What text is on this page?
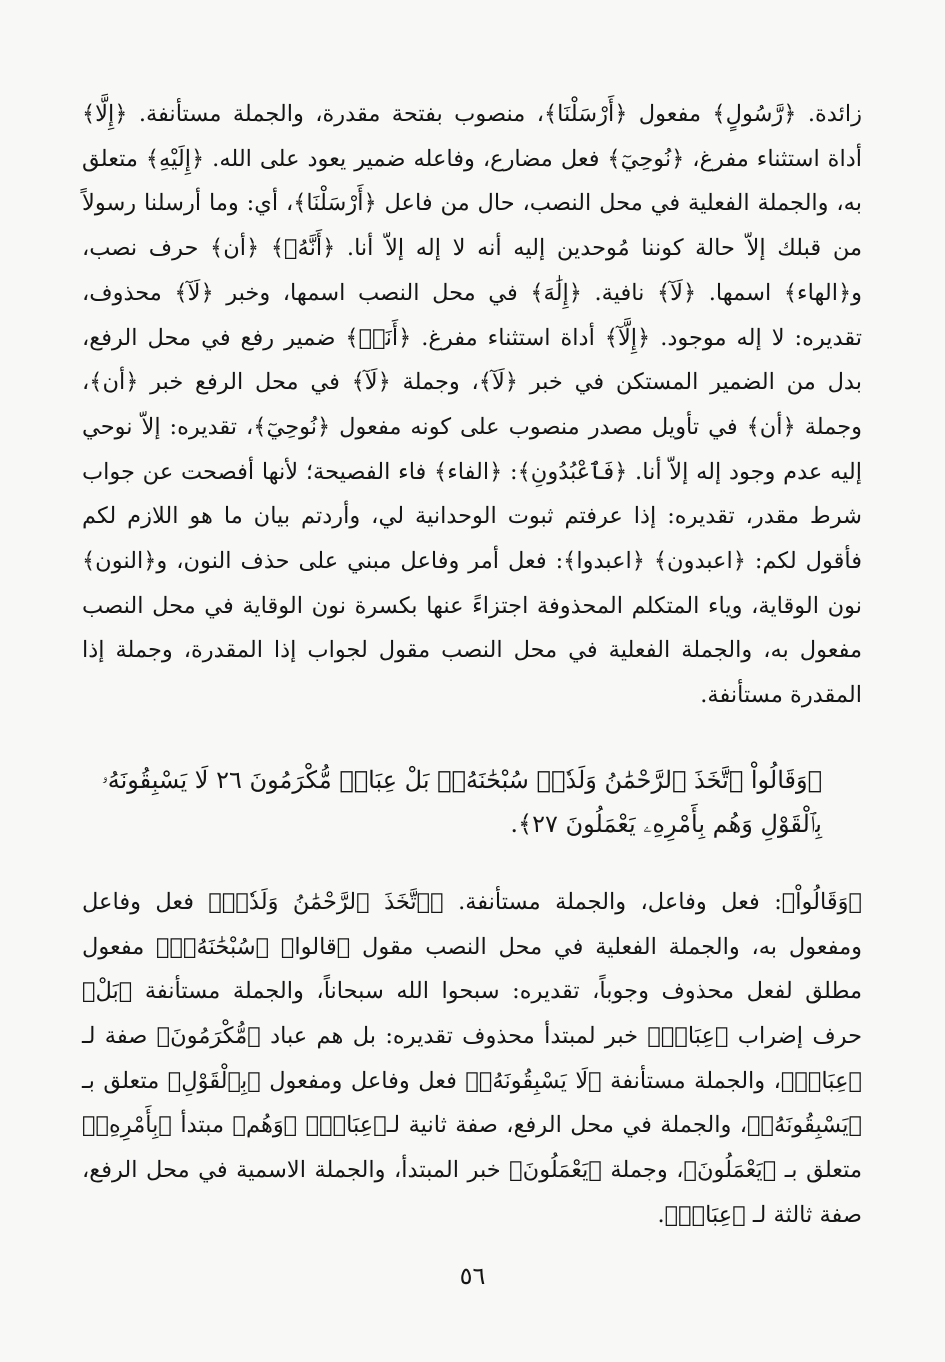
زائدة. ﴿رَّسُولٍ﴾ مفعول ﴿أَرْسَلْنَا﴾، منصوب بفتحة مقدرة، والجملة مستأنفة. ﴿إِلَّا﴾ أداة استثناء مفرغ، ﴿نُوحِيٓ﴾ فعل مضارع، وفاعله ضمير يعود على الله. ﴿إِلَيْهِ﴾ متعلق به، والجملة الفعلية في محل النصب، حال من فاعل ﴿أَرْسَلْنَا﴾، أي: وما أرسلنا رسولاً من قبلك إلاّ حالة كوننا مُوحدين إليه أنه لا إله إلاّ أنا. ﴿أَنَّهُۥ﴾ ﴿أن﴾ حرف نصب، و﴿الهاء﴾ اسمها. ﴿لَآ﴾ نافية. ﴿إِلَٰهَ﴾ في محل النصب اسمها، وخبر ﴿لَآ﴾ محذوف، تقديره: لا إله موجود. ﴿إِلَّآ﴾ أداة استثناء مفرغ. ﴿أَنَا۠﴾ ضمير رفع في محل الرفع، بدل من الضمير المستكن في خبر ﴿لَآ﴾، وجملة ﴿لَآ﴾ في محل الرفع خبر ﴿أن﴾، وجملة ﴿أن﴾ في تأويل مصدر منصوب على كونه مفعول ﴿نُوحِيٓ﴾، تقديره: إلاّ نوحي إليه عدم وجود إله إلاّ أنا. ﴿فَٱعْبُدُونِ﴾: ﴿الفاء﴾ فاء الفصيحة؛ لأنها أفصحت عن جواب شرط مقدر، تقديره: إذا عرفتم ثبوت الوحدانية لي، وأردتم بيان ما هو اللازم لكم فأقول لكم: ﴿اعبدون﴾ ﴿اعبدوا﴾: فعل أمر وفاعل مبني على حذف النون، و﴿النون﴾ نون الوقاية، وياء المتكلم المحذوفة اجتزاءً عنها بكسرة نون الوقاية في محل النصب مفعول به، والجملة الفعلية في محل النصب مقول لجواب إذا المقدرة، وجملة إذا المقدرة مستأنفة.

﴿وَقَالُواْ ٱتَّخَذَ ٱلرَّحْمَٰنُ وَلَدٗاۗ سُبْحَٰنَهُۥۚ بَلْ عِبَادٞ مُّكْرَمُونَ ٢٦ لَا يَسْبِقُونَهُۥ بِٱلْقَوْلِ وَهُم بِأَمْرِهِۦ يَعْمَلُونَ ٢٧﴾.

﴿وَقَالُواْ﴾: فعل وفاعل، والجملة مستأنفة. ﴿ٱتَّخَذَ ٱلرَّحْمَٰنُ وَلَدٗاۗ﴾ فعل وفاعل ومفعول به، والجملة الفعلية في محل النصب مقول ﴿قالوا﴾ ﴿سُبْحَٰنَهُۥۚ﴾ مفعول مطلق لفعل محذوف وجوباً، تقديره: سبحوا الله سبحاناً، والجملة مستأنفة ﴿بَلْ﴾ حرف إضراب ﴿عِبَادٞ﴾ خبر لمبتدأ محذوف تقديره: بل هم عباد ﴿مُّكْرَمُونَ﴾ صفة لـ ﴿عِبَادٞ﴾، والجملة مستأنفة ﴿لَا يَسْبِقُونَهُۥ﴾ فعل وفاعل ومفعول ﴿بِٱلْقَوْلِ﴾ متعلق بـ ﴿يَسْبِقُونَهُۥ﴾، والجملة في محل الرفع، صفة ثانية لـ﴿عِبَادٞ﴾ ﴿وَهُم﴾ مبتدأ ﴿بِأَمْرِهِۦ﴾ متعلق بـ ﴿يَعْمَلُونَ﴾، وجملة ﴿يَعْمَلُونَ﴾ خبر المبتدأ، والجملة الاسمية في محل الرفع، صفة ثالثة لـ ﴿عِبَادٞ﴾.

٥٦
